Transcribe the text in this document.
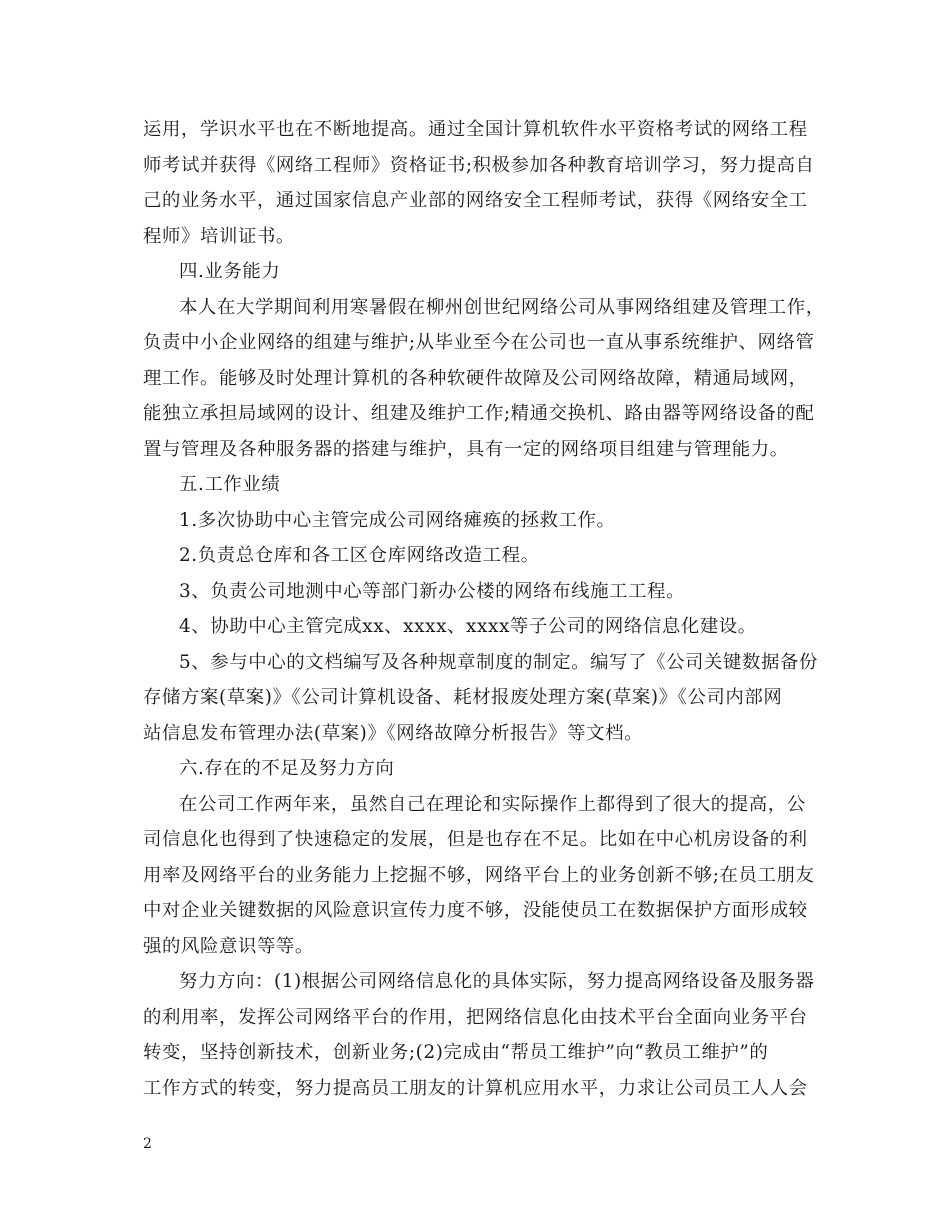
运用，学识水平也在不断地提高。通过全国计算机软件水平资格考试的网络工程
师考试并获得《网络工程师》资格证书;积极参加各种教育培训学习，努力提高自
己的业务水平，通过国家信息产业部的网络安全工程师考试，获得《网络安全工
程师》培训证书。
四.业务能力
本人在大学期间利用寒暑假在柳州创世纪网络公司从事网络组建及管理工作，
负责中小企业网络的组建与维护;从毕业至今在公司也一直从事系统维护、网络管
理工作。能够及时处理计算机的各种软硬件故障及公司网络故障，精通局域网，
能独立承担局域网的设计、组建及维护工作;精通交换机、路由器等网络设备的配
置与管理及各种服务器的搭建与维护，具有一定的网络项目组建与管理能力。
五.工作业绩
1.多次协助中心主管完成公司网络瘫痪的拯救工作。
2.负责总仓库和各工区仓库网络改造工程。
3、负责公司地测中心等部门新办公楼的网络布线施工工程。
4、协助中心主管完成xx、xxxx、xxxx等子公司的网络信息化建设。
5、参与中心的文档编写及各种规章制度的制定。编写了《公司关键数据备份
存储方案(草案)》《公司计算机设备、耗材报废处理方案(草案)》《公司内部网
站信息发布管理办法(草案)》《网络故障分析报告》等文档。
六.存在的不足及努力方向
在公司工作两年来，虽然自己在理论和实际操作上都得到了很大的提高，公
司信息化也得到了快速稳定的发展，但是也存在不足。比如在中心机房设备的利
用率及网络平台的业务能力上挖掘不够，网络平台上的业务创新不够;在员工朋友
中对企业关键数据的风险意识宣传力度不够，没能使员工在数据保护方面形成较
强的风险意识等等。
努力方向：(1)根据公司网络信息化的具体实际，努力提高网络设备及服务器
的利用率，发挥公司网络平台的作用，把网络信息化由技术平台全面向业务平台
转变，坚持创新技术，创新业务;(2)完成由“帮员工维护”向“教员工维护”的
工作方式的转变，努力提高员工朋友的计算机应用水平，力求让公司员工人人会
2
